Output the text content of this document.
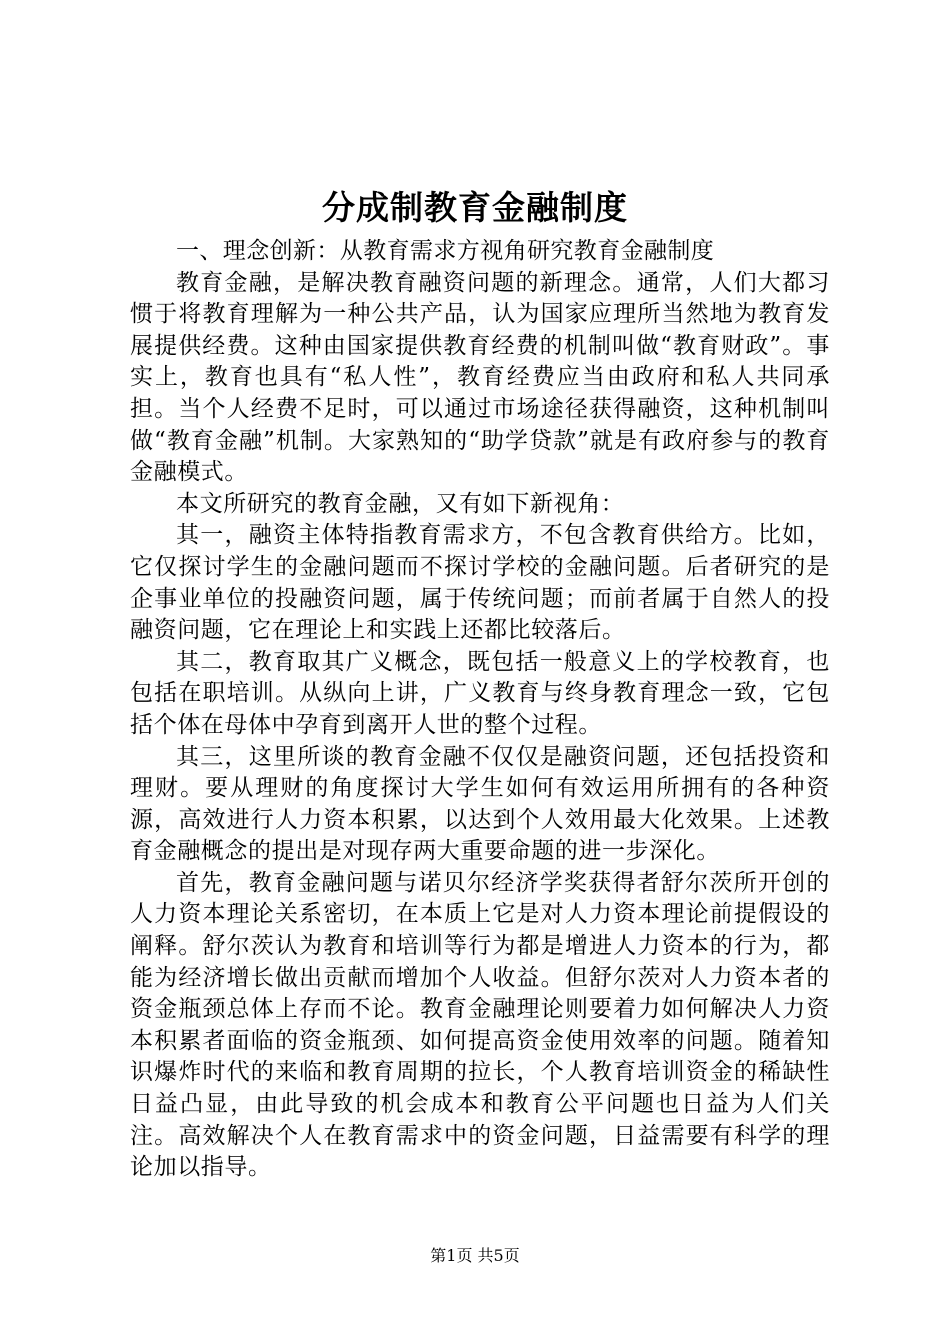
分成制教育金融制度

一、理念创新：从教育需求方视角研究教育金融制度

教育金融，是解决教育融资问题的新理念。通常，人们大都习惯于将教育理解为一种公共产品，认为国家应理所当然地为教育发展提供经费。这种由国家提供教育经费的机制叫做“教育财政”。事实上，教育也具有“私人性”，教育经费应当由政府和私人共同承担。当个人经费不足时，可以通过市场途径获得融资，这种机制叫做“教育金融”机制。大家熟知的“助学贷款”就是有政府参与的教育金融模式。

本文所研究的教育金融，又有如下新视角：

其一，融资主体特指教育需求方，不包含教育供给方。比如，它仅探讨学生的金融问题而不探讨学校的金融问题。后者研究的是企事业单位的投融资问题，属于传统问题；而前者属于自然人的投融资问题，它在理论上和实践上还都比较落后。

其二，教育取其广义概念，既包括一般意义上的学校教育，也包括在职培训。从纵向上讲，广义教育与终身教育理念一致，它包括个体在母体中孕育到离开人世的整个过程。

其三，这里所谈的教育金融不仅仅是融资问题，还包括投资和理财。要从理财的角度探讨大学生如何有效运用所拥有的各种资源，高效进行人力资本积累，以达到个人效用最大化效果。上述教育金融概念的提出是对现存两大重要命题的进一步深化。

首先，教育金融问题与诺贝尔经济学奖获得者舒尔茨所开创的人力资本理论关系密切，在本质上它是对人力资本理论前提假设的阐释。舒尔茨认为教育和培训等行为都是增进人力资本的行为，都能为经济增长做出贡献而增加个人收益。但舒尔茨对人力资本者的资金瓶颈总体上存而不论。教育金融理论则要着力如何解决人力资本积累者面临的资金瓶颈、如何提高资金使用效率的问题。随着知识爆炸时代的来临和教育周期的拉长，个人教育培训资金的稀缺性日益凸显，由此导致的机会成本和教育公平问题也日益为人们关注。高效解决个人在教育需求中的资金问题，日益需要有科学的理论加以指导。

第1页 共5页
